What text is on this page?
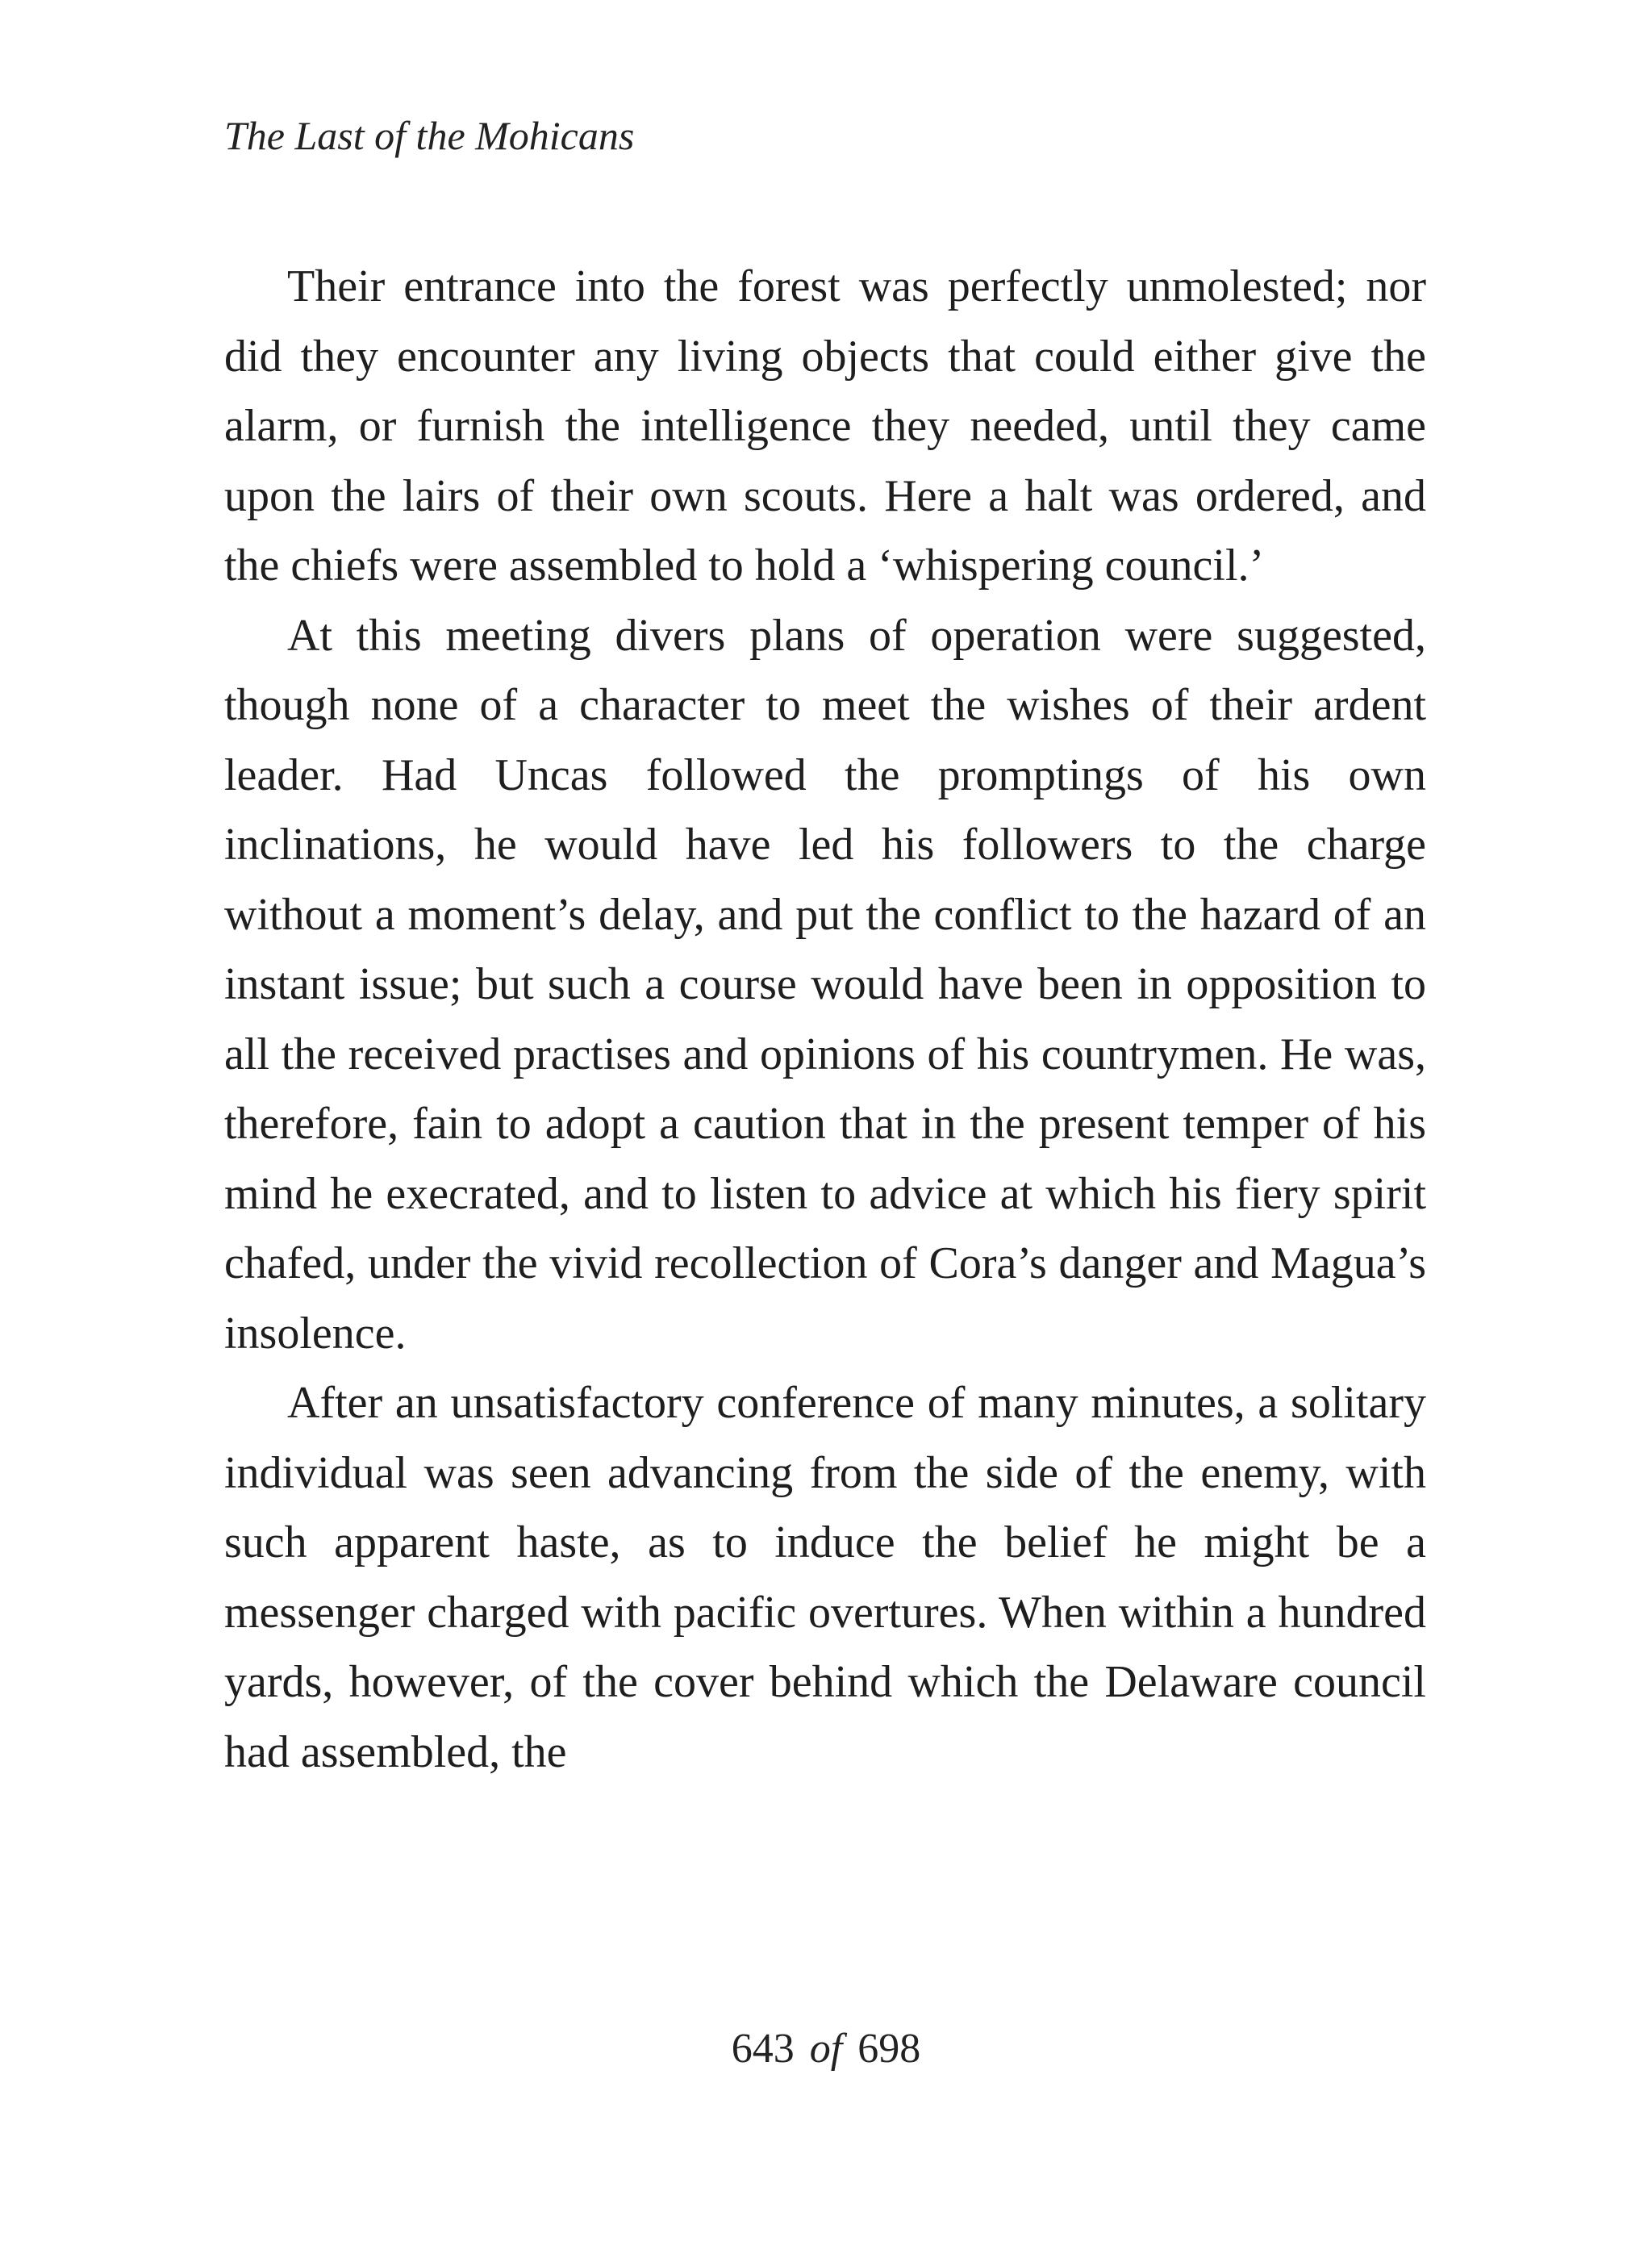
The Last of the Mohicans

Their entrance into the forest was perfectly unmolested; nor did they encounter any living objects that could either give the alarm, or furnish the intelligence they needed, until they came upon the lairs of their own scouts. Here a halt was ordered, and the chiefs were assembled to hold a ‘whispering council.’

At this meeting divers plans of operation were suggested, though none of a character to meet the wishes of their ardent leader. Had Uncas followed the promptings of his own inclinations, he would have led his followers to the charge without a moment’s delay, and put the conflict to the hazard of an instant issue; but such a course would have been in opposition to all the received practises and opinions of his countrymen. He was, therefore, fain to adopt a caution that in the present temper of his mind he execrated, and to listen to advice at which his fiery spirit chafed, under the vivid recollection of Cora’s danger and Magua’s insolence.

After an unsatisfactory conference of many minutes, a solitary individual was seen advancing from the side of the enemy, with such apparent haste, as to induce the belief he might be a messenger charged with pacific overtures. When within a hundred yards, however, of the cover behind which the Delaware council had assembled, the

643 of 698
